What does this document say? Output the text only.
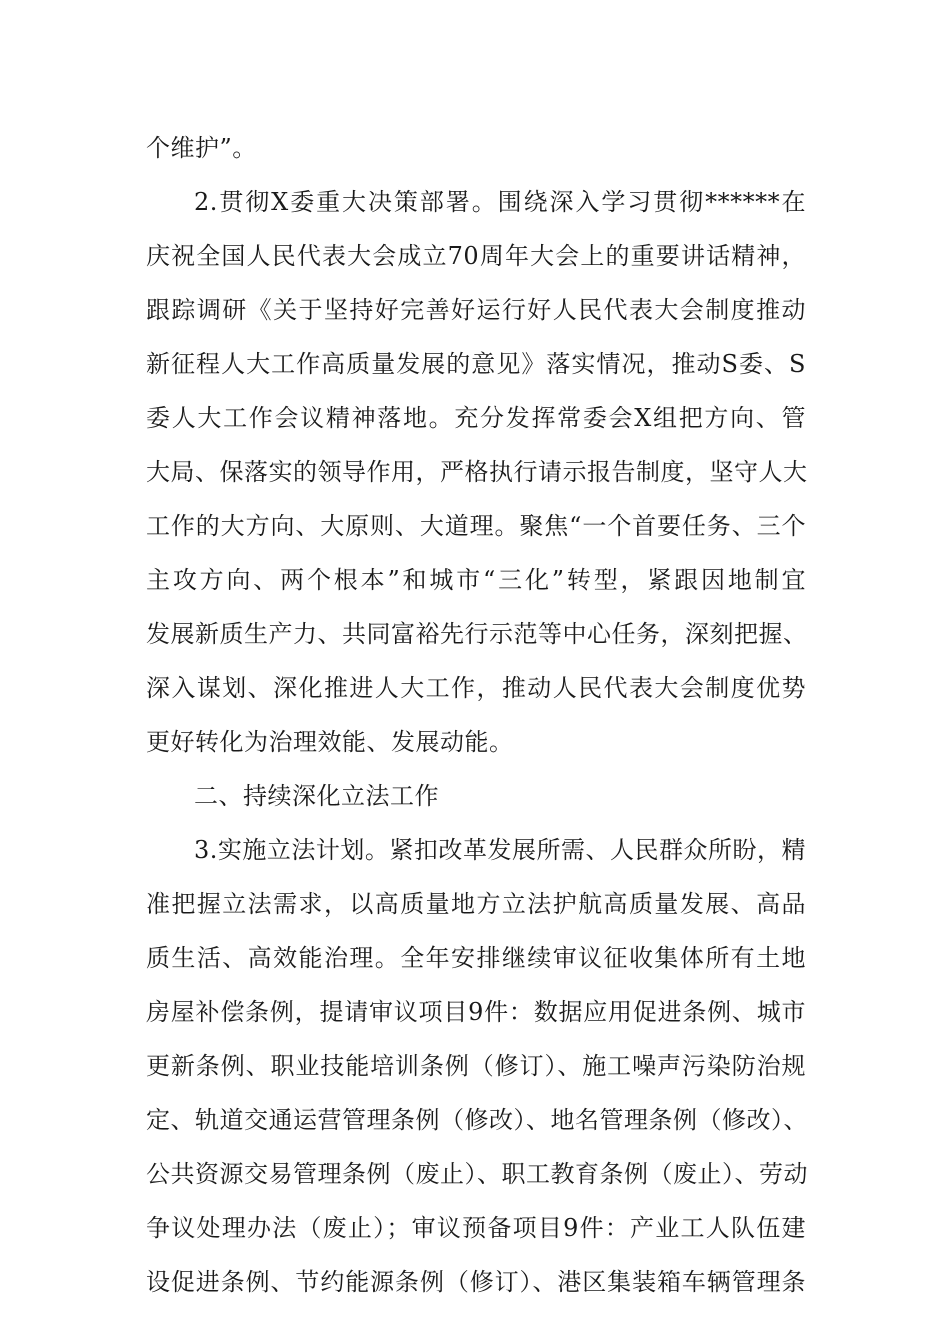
个维护”。
2.贯彻X委重大决策部署。围绕深入学习贯彻******在
庆祝全国人民代表大会成立70周年大会上的重要讲话精神，
跟踪调研《关于坚持好完善好运行好人民代表大会制度推动
新征程人大工作高质量发展的意见》落实情况，推动S委、S
委人大工作会议精神落地。充分发挥常委会X组把方向、管
大局、保落实的领导作用，严格执行请示报告制度，坚守人大
工作的大方向、大原则、大道理。聚焦“一个首要任务、三个
主攻方向、两个根本”和城市“三化”转型，紧跟因地制宜
发展新质生产力、共同富裕先行示范等中心任务，深刻把握、
深入谋划、深化推进人大工作，推动人民代表大会制度优势
更好转化为治理效能、发展动能。
二、持续深化立法工作
3.实施立法计划。紧扣改革发展所需、人民群众所盼，精
准把握立法需求，以高质量地方立法护航高质量发展、高品
质生活、高效能治理。全年安排继续审议征收集体所有土地
房屋补偿条例，提请审议项目9件：数据应用促进条例、城市
更新条例、职业技能培训条例（修订）、施工噪声污染防治规
定、轨道交通运营管理条例（修改）、地名管理条例（修改）、
公共资源交易管理条例（废止）、职工教育条例（废止）、劳动
争议处理办法（废止）；审议预备项目9件：产业工人队伍建
设促进条例、节约能源条例（修订）、港区集装箱车辆管理条
